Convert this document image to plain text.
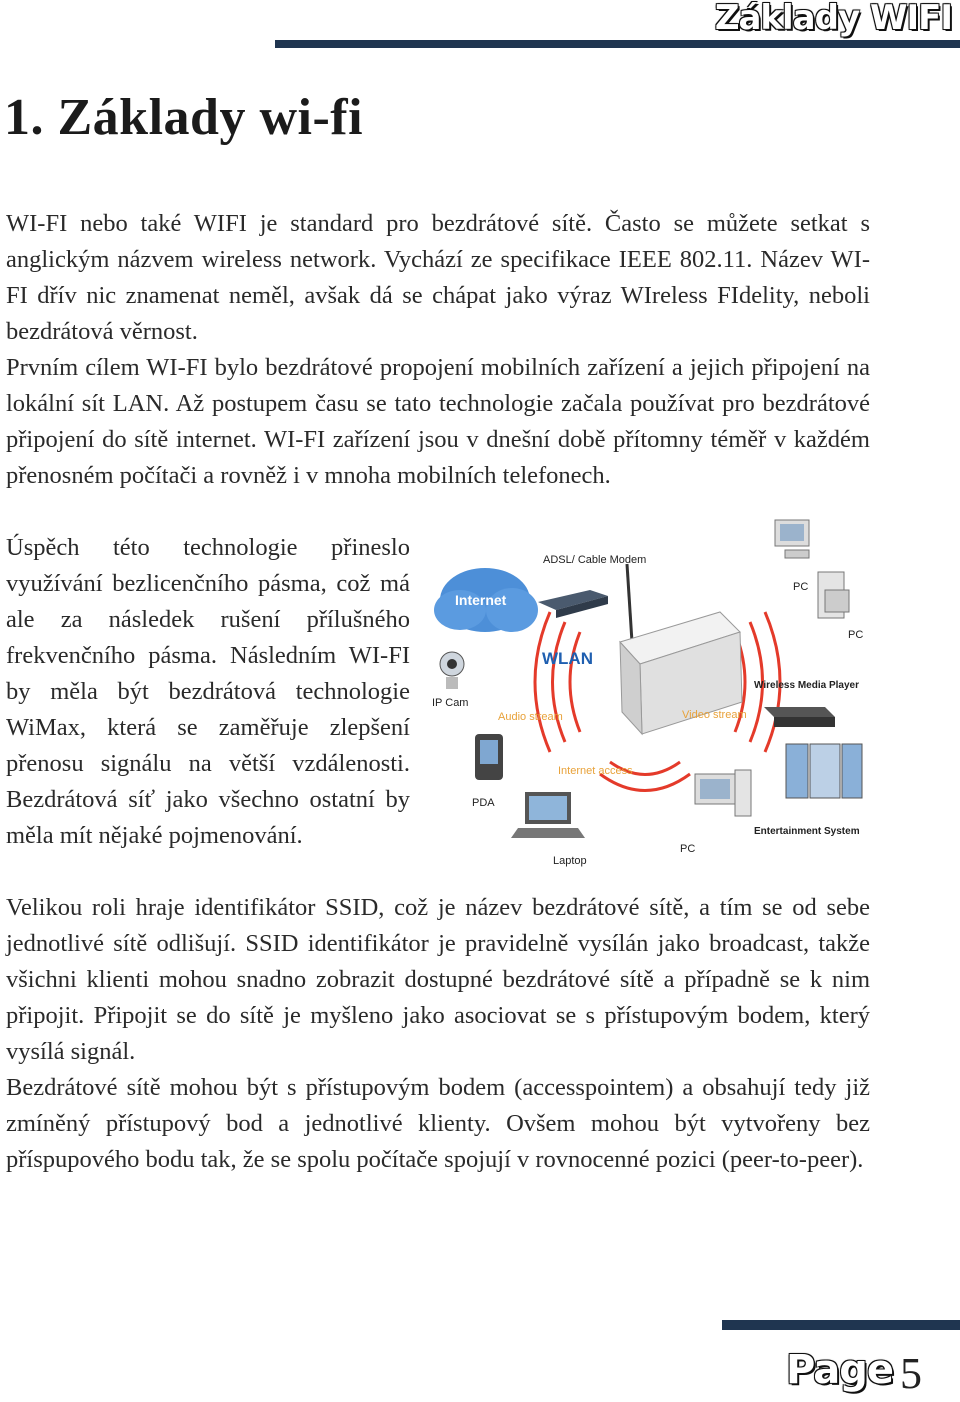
Základy WIFI
1. Základy wi-fi

WI-FI nebo také WIFI je standard pro bezdrátové sítě. Často se můžete setkat s anglickým názvem wireless network. Vychází ze specifikace IEEE 802.11. Název WI-FI dřív nic znamenat neměl, avšak dá se chápat jako výraz WIreless FIdelity, neboli bezdrátová věrnost.

Prvním cílem WI-FI bylo bezdrátové propojení mobilních zařízení a jejich připojení na lokální sít LAN. Až postupem času se tato technologie začala používat pro bezdrátové připojení do sítě internet. WI-FI zařízení jsou v dnešní době přítomny téměř v každém přenosném počítači a rovněž i v mnoha mobilních telefonech.

Úspěch této technologie přineslo využívání bezlicenčního pásma, což má ale za následek rušení přílušného frekvenčního pásma. Následním WI-FI by měla být bezdrátová technologie WiMax, která se zaměřuje zlepšení přenosu signálu na větší vzdálenosti. Bezdrátová síť jako všechno ostatní by měla mít nějaké pojmenování.

Internet
ADSL/ Cable Modem
WLAN
PC
PC
Wireless Media Player
Entertainment System
IP Cam
Audio stream	Video stream
Internet access
PDA
Laptop
PC

Velikou roli hraje identifikátor SSID, což je název bezdrátové sítě, a tím se od sebe jednotlivé sítě odlišují. SSID identifikátor je pravidelně vysílán jako broadcast, takže všichni klienti mohou snadno zobrazit dostupné bezdrátové sítě a případně se k nim připojit. Připojit se do sítě je myšleno jako asociovat se s přístupovým bodem, který vysílá signál.

Bezdrátové sítě mohou být s přístupovým bodem (accesspointem) a obsahují tedy již zmíněný přístupový bod a jednotlivé klienty. Ovšem mohou být vytvořeny bez příspupového bodu tak, že se spolu počítače spojují v rovnocenné pozici (peer-to-peer).

Page 5
